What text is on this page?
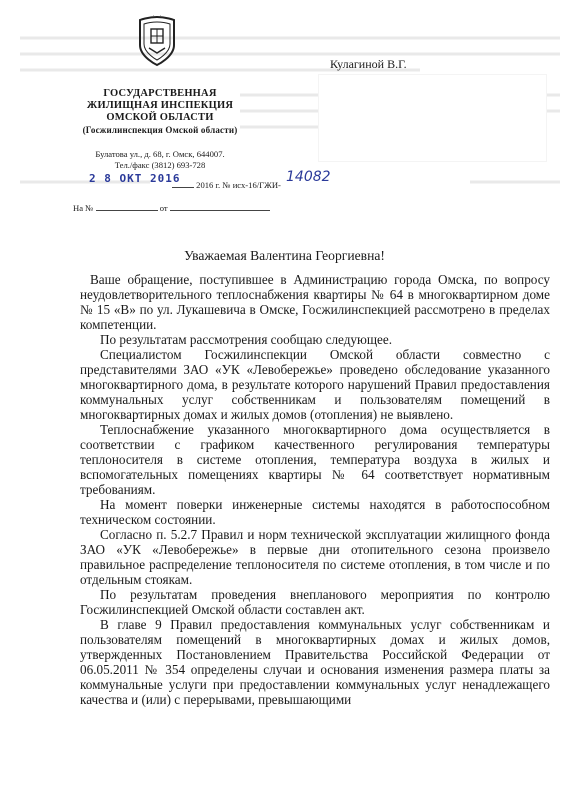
ГОСУДАРСТВЕННАЯ
ЖИЛИЩНАЯ ИНСПЕКЦИЯ
ОМСКОЙ ОБЛАСТИ
(Госжилинспекция Омской области)
Булатова ул., д. 68, г. Омск, 644007.
Тел./факс (3812) 693-728
2 8 ОКТ 2016	2016 г. № исх-16/ГЖИ- 14082
На №	от
Кулагиной В.Г.
Уважаемая Валентина Георгиевна!

Ваше обращение, поступившее в Администрацию города Омска, по вопросу неудовлетворительного теплоснабжения квартиры № 64 в многоквартирном доме № 15 «В» по ул. Лукашевича в Омске, Госжилинспекцией рассмотрено в пределах компетенции.

По результатам рассмотрения сообщаю следующее.

Специалистом Госжилинспекции Омской области совместно с представителями ЗАО «УК «Левобережье» проведено обследование указанного многоквартирного дома, в результате которого нарушений Правил предоставления коммунальных услуг собственникам и пользователям помещений в многоквартирных домах и жилых домов (отопления) не выявлено.

Теплоснабжение указанного многоквартирного дома осуществляется в соответствии с графиком качественного регулирования температуры теплоносителя в системе отопления, температура воздуха в жилых и вспомогательных помещениях квартиры № 64 соответствует нормативным требованиям.

На момент поверки инженерные системы находятся в работоспособном техническом состоянии.

Согласно п. 5.2.7 Правил и норм технической эксплуатации жилищного фонда ЗАО «УК «Левобережье» в первые дни отопительного сезона произвело правильное распределение теплоносителя по системе отопления, в том числе и по отдельным стоякам.

По результатам проведения внепланового мероприятия по контролю Госжилинспекцией Омской области составлен акт.

В главе 9 Правил предоставления коммунальных услуг собственникам и пользователям помещений в многоквартирных домах и жилых домов, утвержденных Постановлением Правительства Российской Федерации от 06.05.2011 № 354 определены случаи и основания изменения размера платы за коммунальные услуги при предоставлении коммунальных услуг ненадлежащего качества и (или) с перерывами, превышающими
